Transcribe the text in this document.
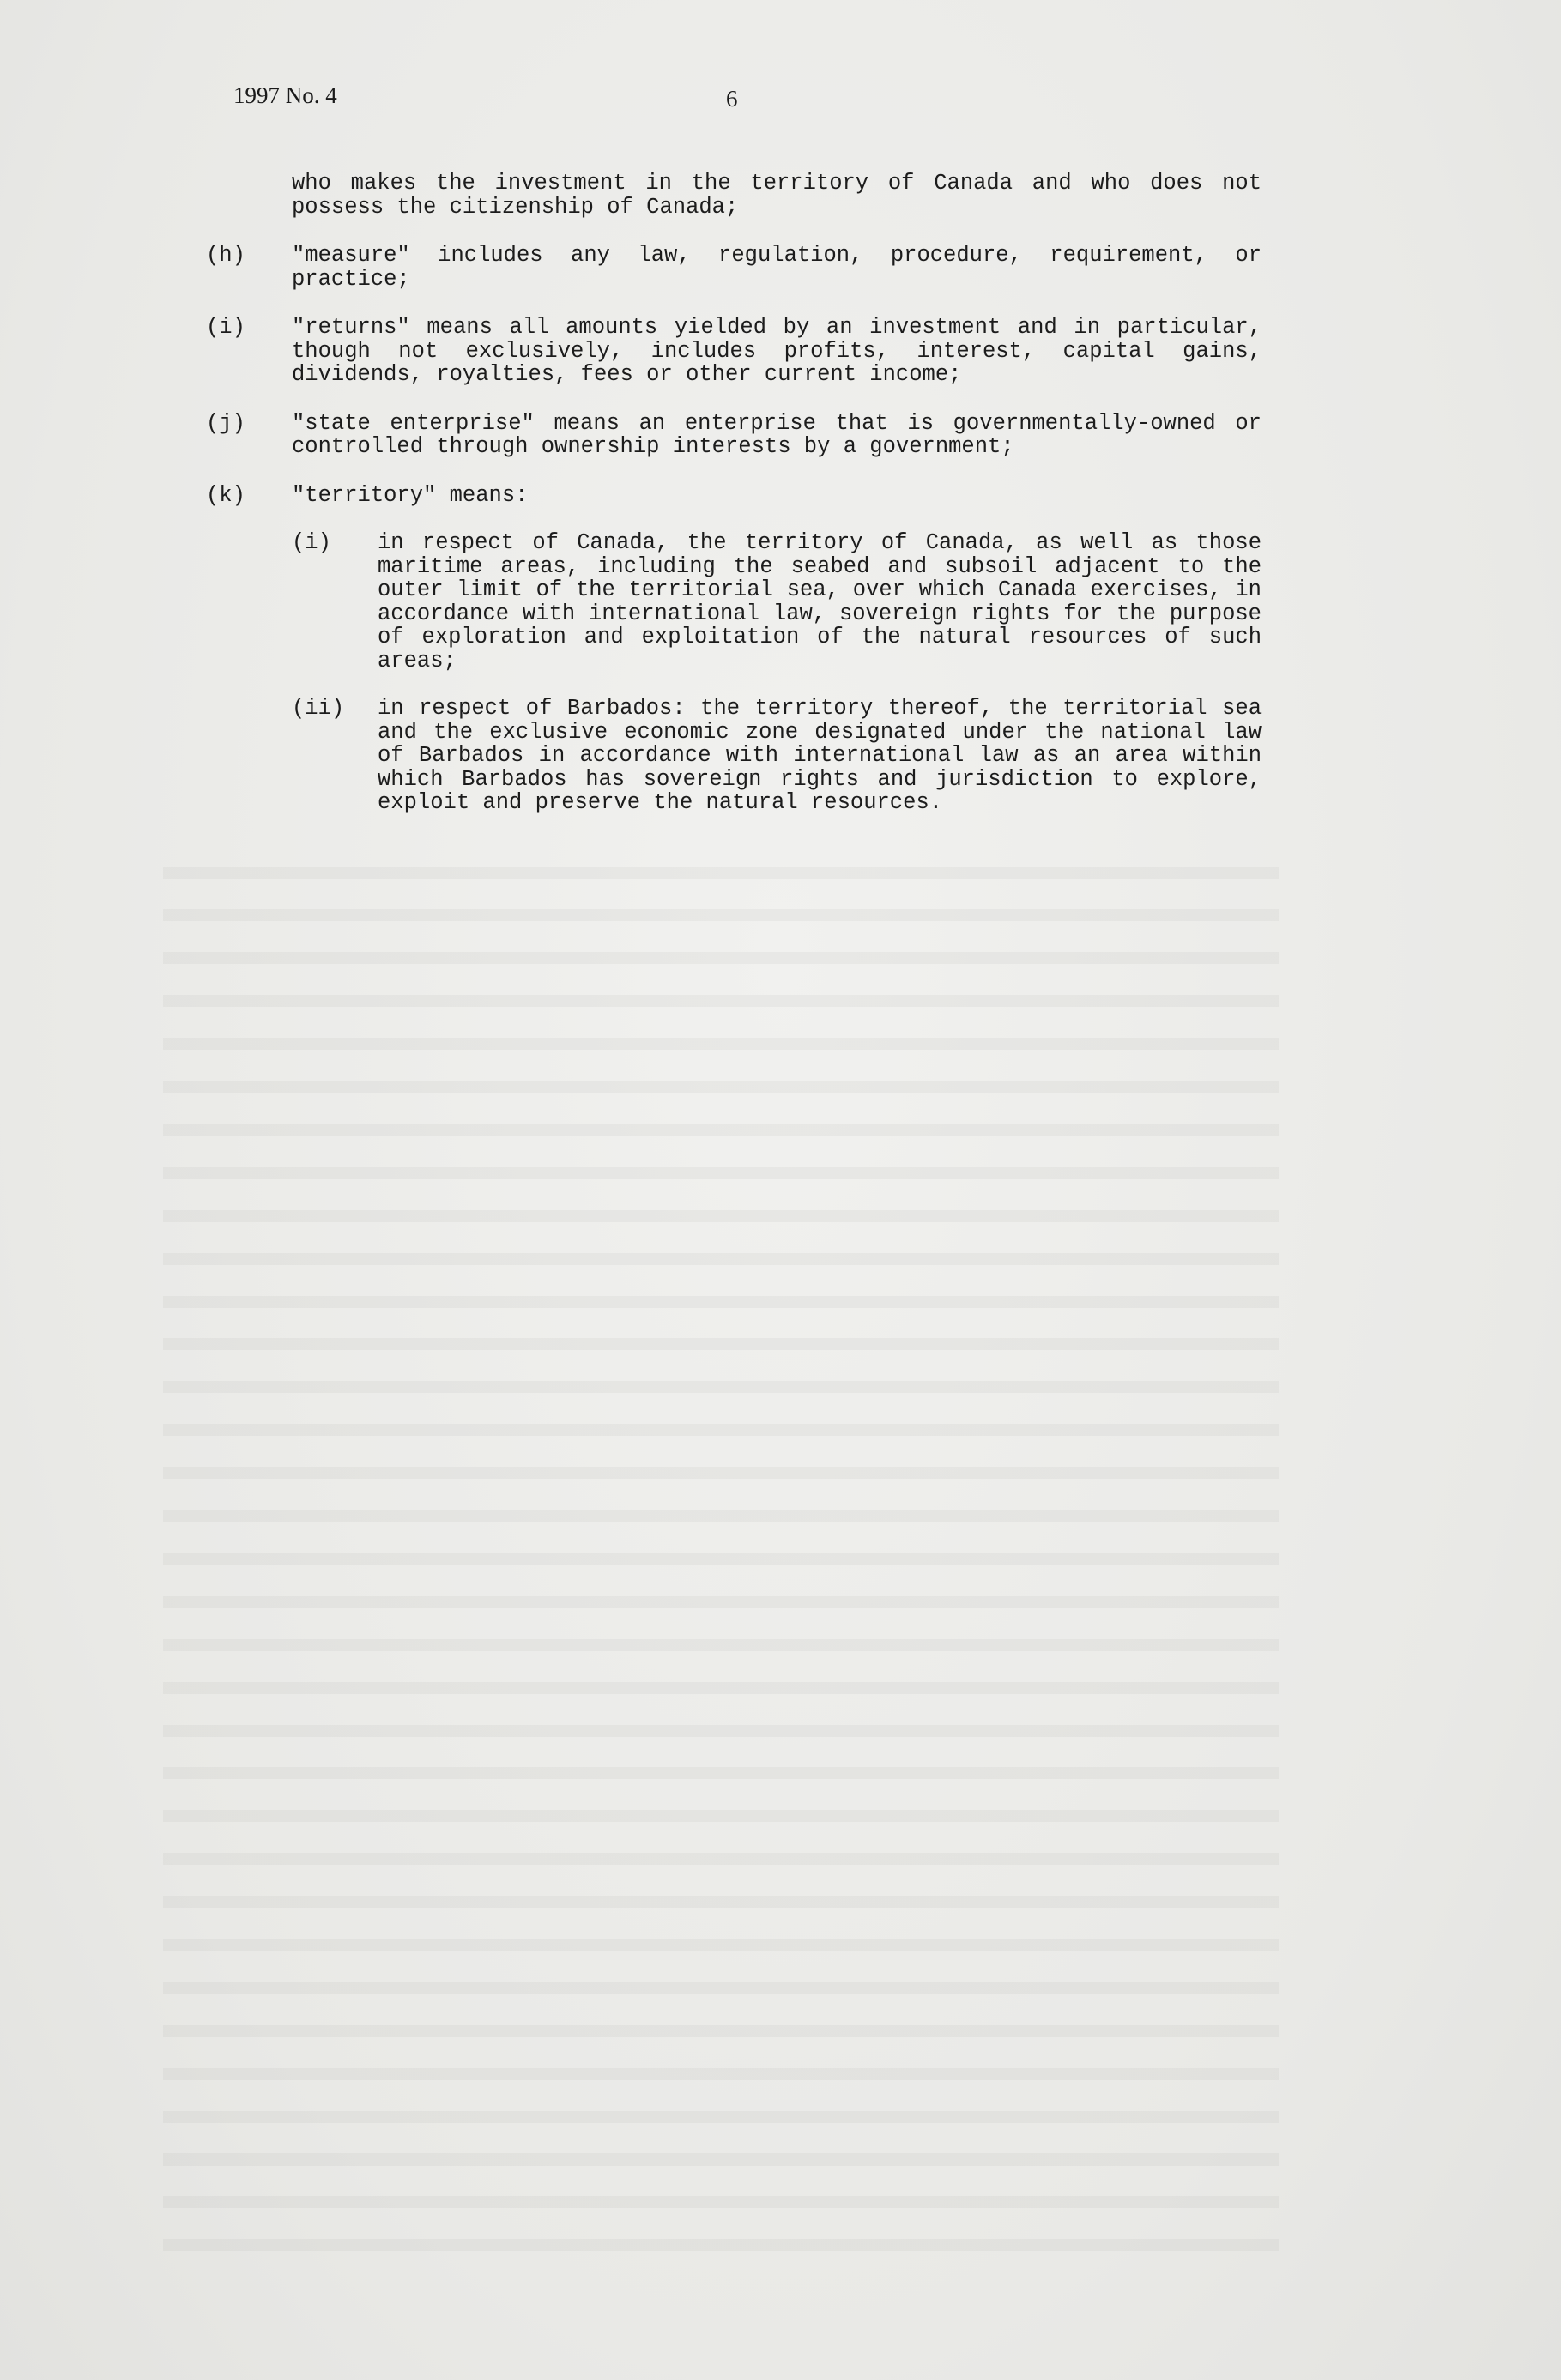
1997 No. 4	6
who makes the investment in the territory of Canada and who does not possess the citizenship of Canada;
(h)	"measure" includes any law, regulation, procedure, requirement, or practice;
(i)	"returns" means all amounts yielded by an investment and in particular, though not exclusively, includes profits, interest, capital gains, dividends, royalties, fees or other current income;
(j)	"state enterprise" means an enterprise that is governmentally-owned or controlled through ownership interests by a government;
(k)	"territory" means:
(i)	in respect of Canada, the territory of Canada, as well as those maritime areas, including the seabed and subsoil adjacent to the outer limit of the territorial sea, over which Canada exercises, in accordance with international law, sovereign rights for the purpose of exploration and exploitation of the natural resources of such areas;
(ii)	in respect of Barbados: the territory thereof, the territorial sea and the exclusive economic zone designated under the national law of Barbados in accordance with international law as an area within which Barbados has sovereign rights and jurisdiction to explore, exploit and preserve the natural resources.
